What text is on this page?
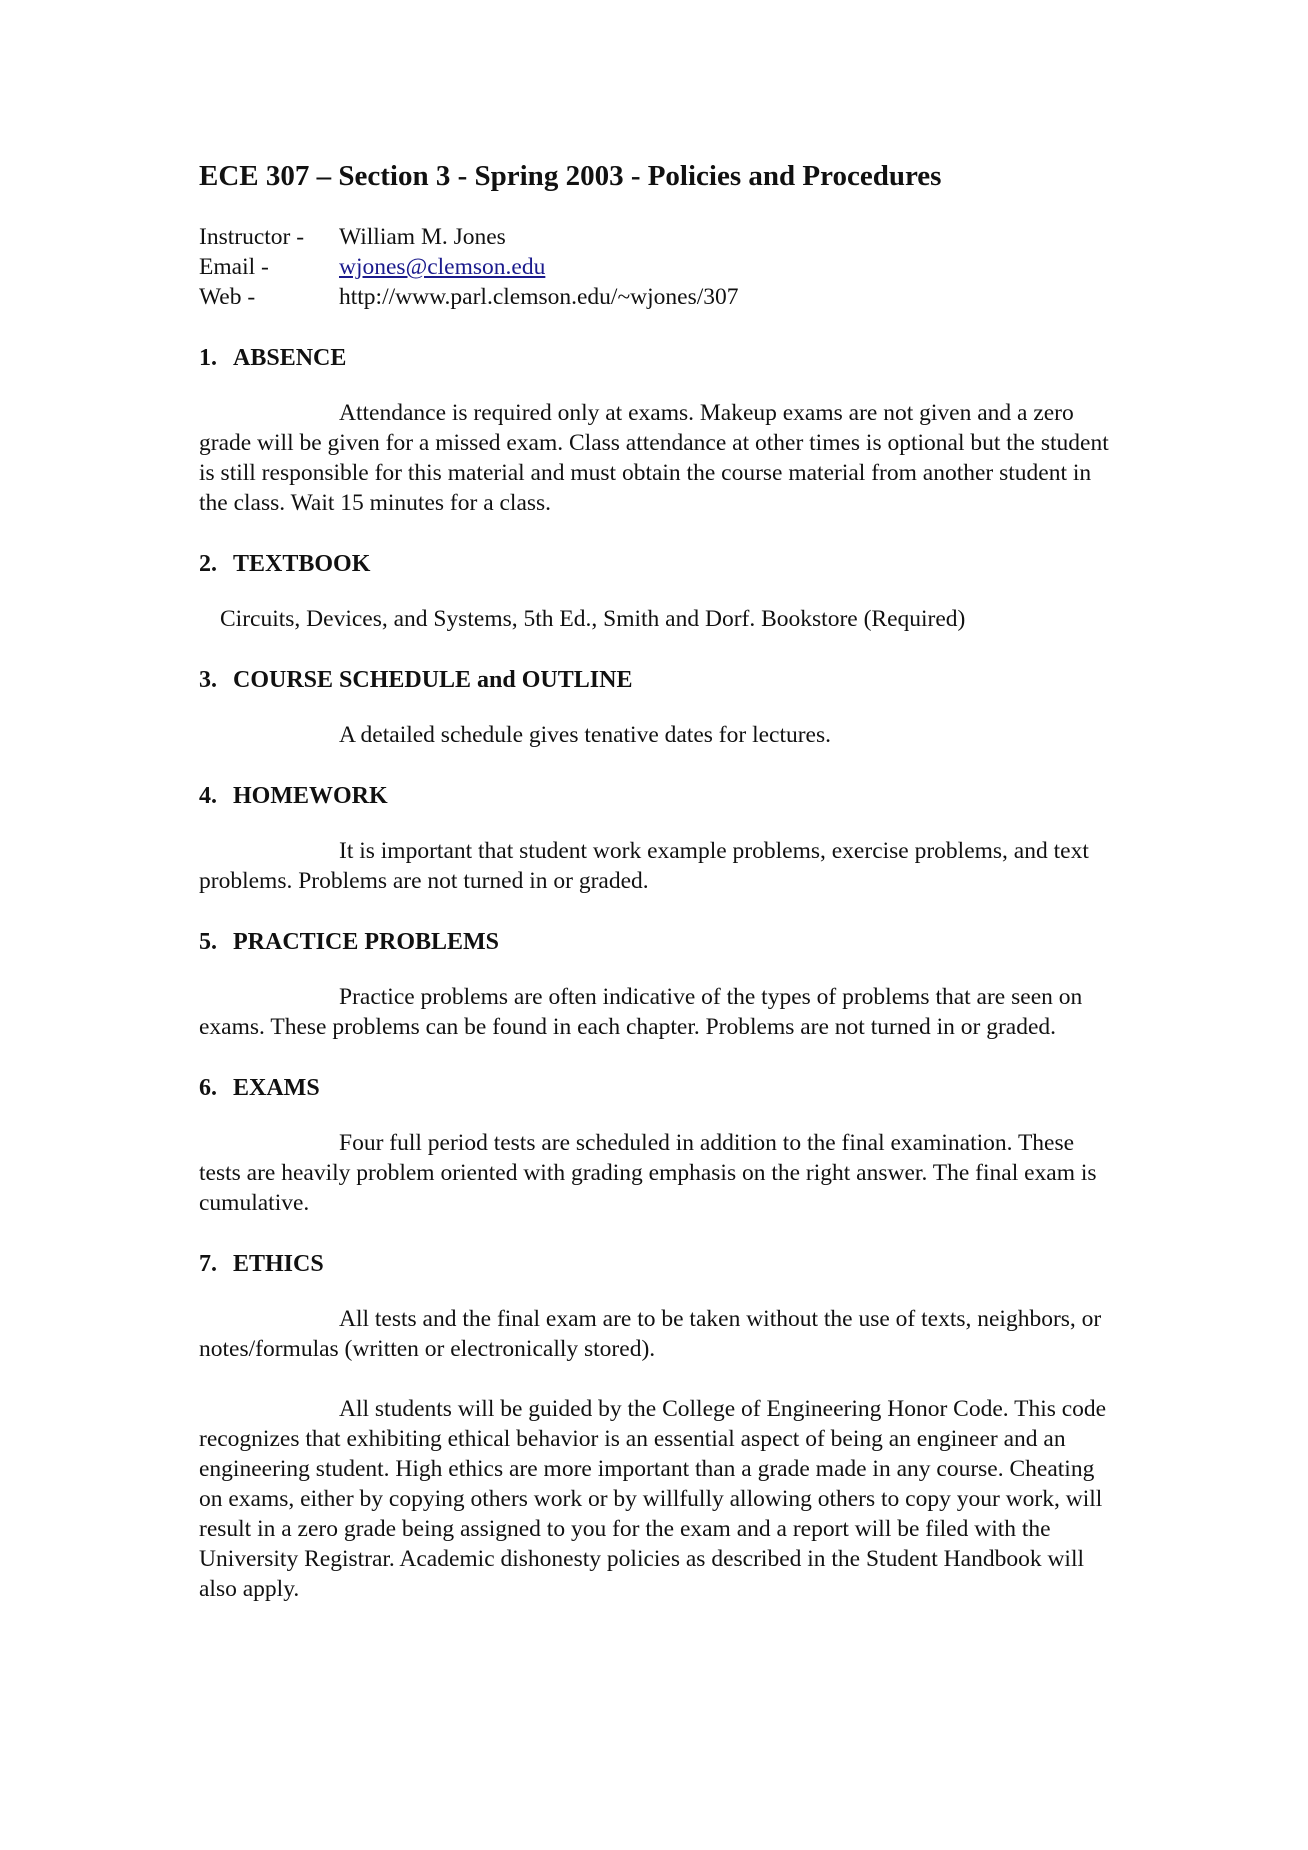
ECE 307 – Section 3 - Spring 2003 - Policies and Procedures
Instructor -	William M. Jones
Email -	wjones@clemson.edu
Web -	http://www.parl.clemson.edu/~wjones/307
1. ABSENCE

Attendance is required only at exams. Makeup exams are not given and a zero grade will be given for a missed exam. Class attendance at other times is optional but the student is still responsible for this material and must obtain the course material from another student in the class. Wait 15 minutes for a class.

2. TEXTBOOK

Circuits, Devices, and Systems, 5th Ed., Smith and Dorf. Bookstore (Required)

3. COURSE SCHEDULE and OUTLINE

A detailed schedule gives tenative dates for lectures.

4. HOMEWORK

It is important that student work example problems, exercise problems, and text problems. Problems are not turned in or graded.

5. PRACTICE PROBLEMS

Practice problems are often indicative of the types of problems that are seen on exams. These problems can be found in each chapter. Problems are not turned in or graded.

6. EXAMS

Four full period tests are scheduled in addition to the final examination. These tests are heavily problem oriented with grading emphasis on the right answer. The final exam is cumulative.

7. ETHICS

All tests and the final exam are to be taken without the use of texts, neighbors, or notes/formulas (written or electronically stored).

All students will be guided by the College of Engineering Honor Code. This code recognizes that exhibiting ethical behavior is an essential aspect of being an engineer and an engineering student. High ethics are more important than a grade made in any course. Cheating on exams, either by copying others work or by willfully allowing others to copy your work, will result in a zero grade being assigned to you for the exam and a report will be filed with the University Registrar. Academic dishonesty policies as described in the Student Handbook will also apply.
